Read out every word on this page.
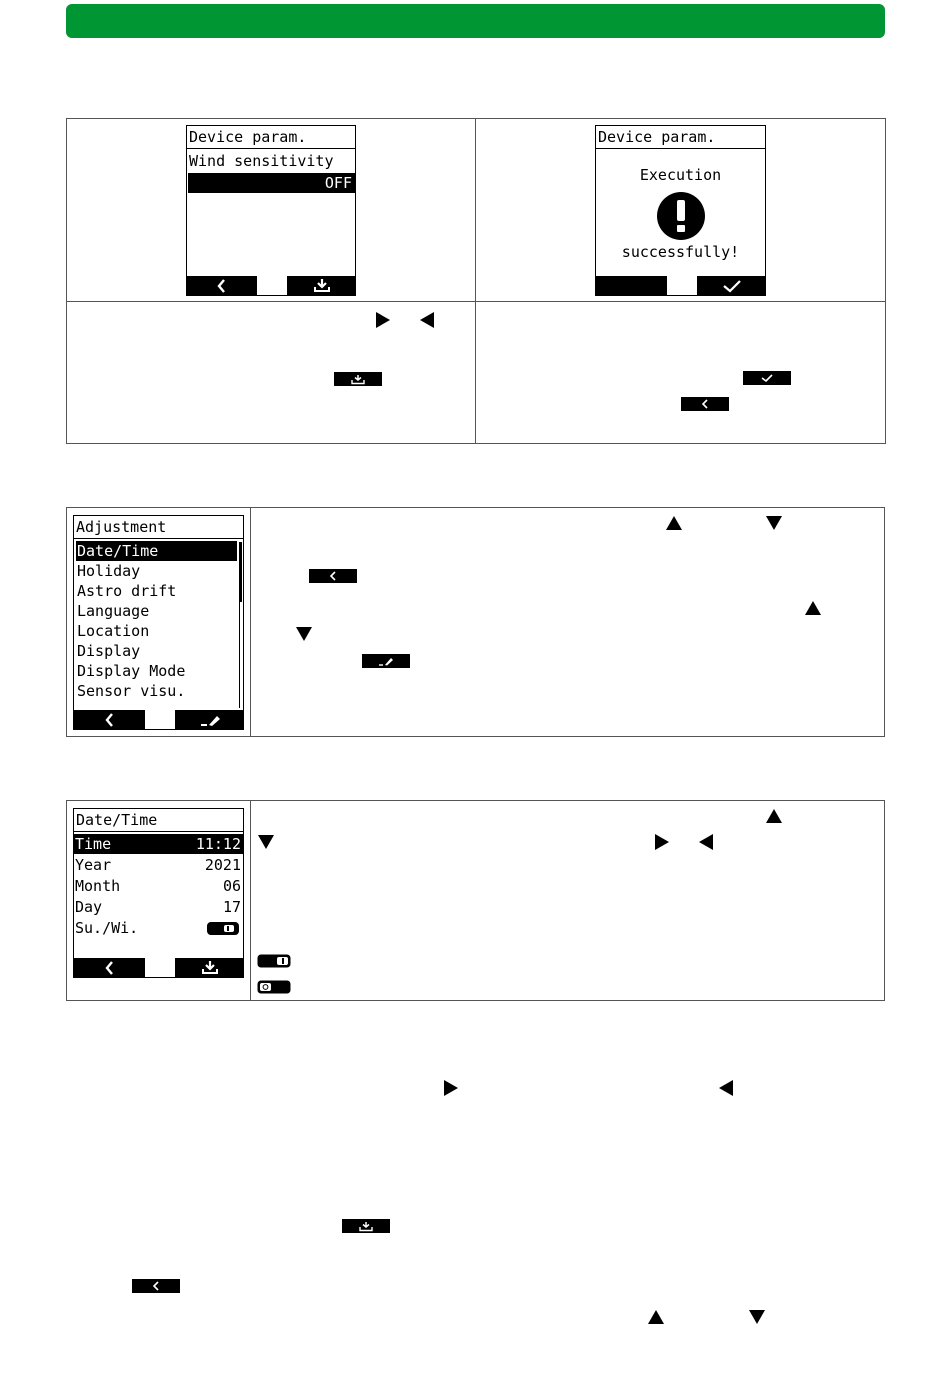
Device param.
Wind sensitivity
OFF
Device param.
Execution
successfully!
Adjustment
Date/Time
Holiday
Astro drift
Language
Location
Display
Display Mode
Sensor visu.
Date/Time
Time	11:12
Year	2021
Month	06
Day	17
Su./Wi.
